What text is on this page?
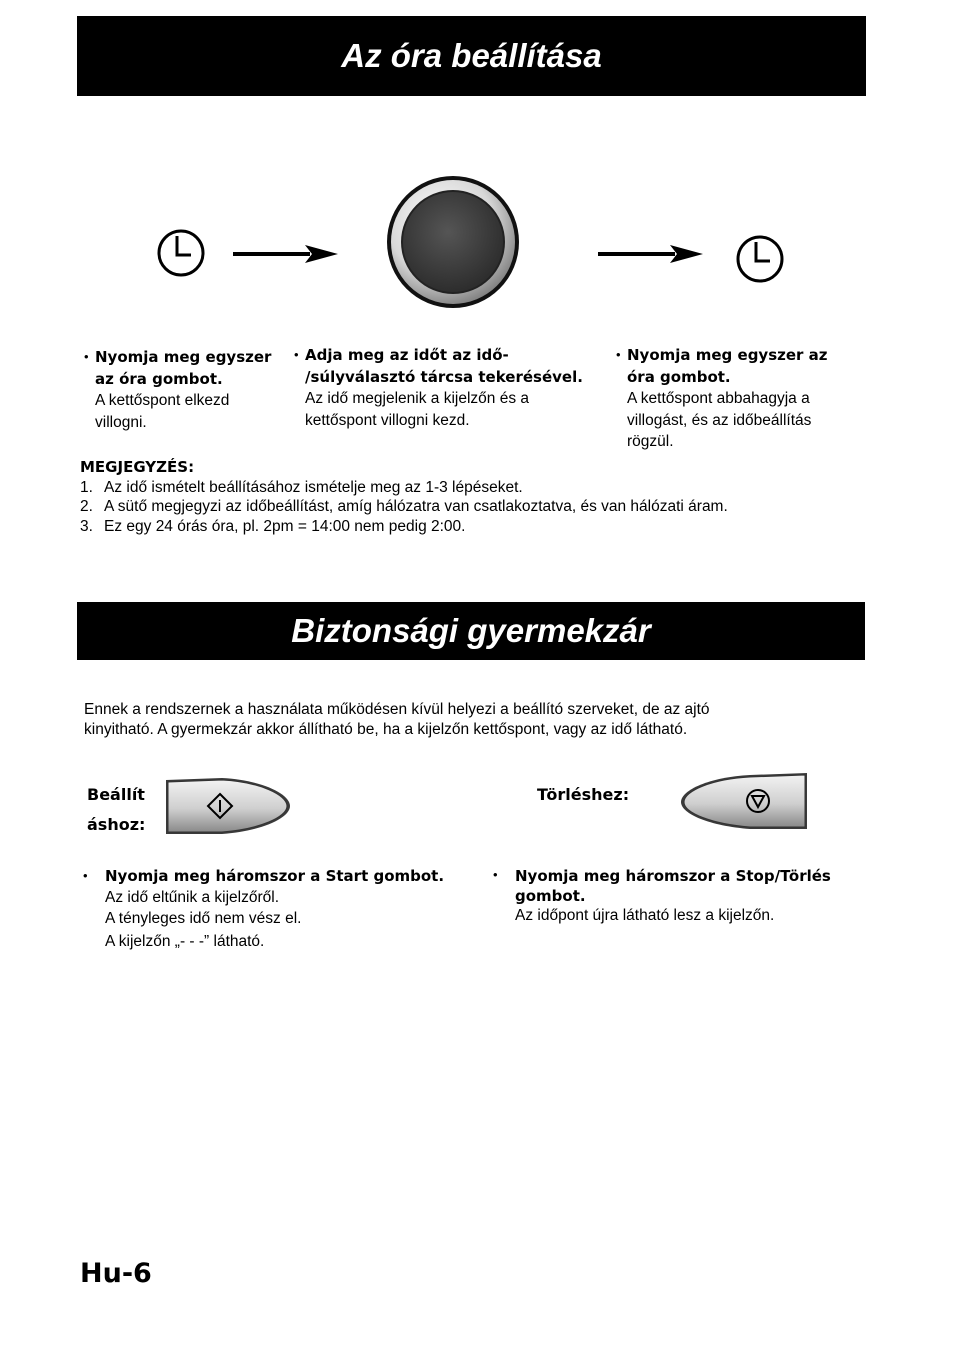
Az óra beállítása
• Nyomja meg egyszer
az óra gombot.
A kettőspont elkezd
villogni.
• Adja meg az időt az idő-
/súlyválasztó tárcsa tekerésével.
Az idő megjelenik a kijelzőn és a
kettőspont villogni kezd.
• Nyomja meg egyszer az
óra gombot.
A kettőspont abbahagyja a
villogást, és az időbeállítás
rögzül.
MEGJEGYZÉS:
1. Az idő ismételt beállításához ismételje meg az 1-3 lépéseket.
2. A sütő megjegyzi az időbeállítást, amíg hálózatra van csatlakoztatva, és van hálózati áram.
3. Ez egy 24 órás óra, pl. 2pm = 14:00 nem pedig 2:00.
Biztonsági gyermekzár
Ennek a rendszernek a használata működésen kívül helyezi a beállító szerveket, de az ajtó
kinyitható. A gyermekzár akkor állítható be, ha a kijelzőn kettőspont, vagy az idő látható.
Beállít
áshoz:
Törléshez:
• Nyomja meg háromszor a Start gombot.
Az idő eltűnik a kijelzőről.
A tényleges idő nem vész el.
A kijelzőn „- - -” látható.
• Nyomja meg háromszor a Stop/Törlés
gombot.
Az időpont újra látható lesz a kijelzőn.
Hu-6
